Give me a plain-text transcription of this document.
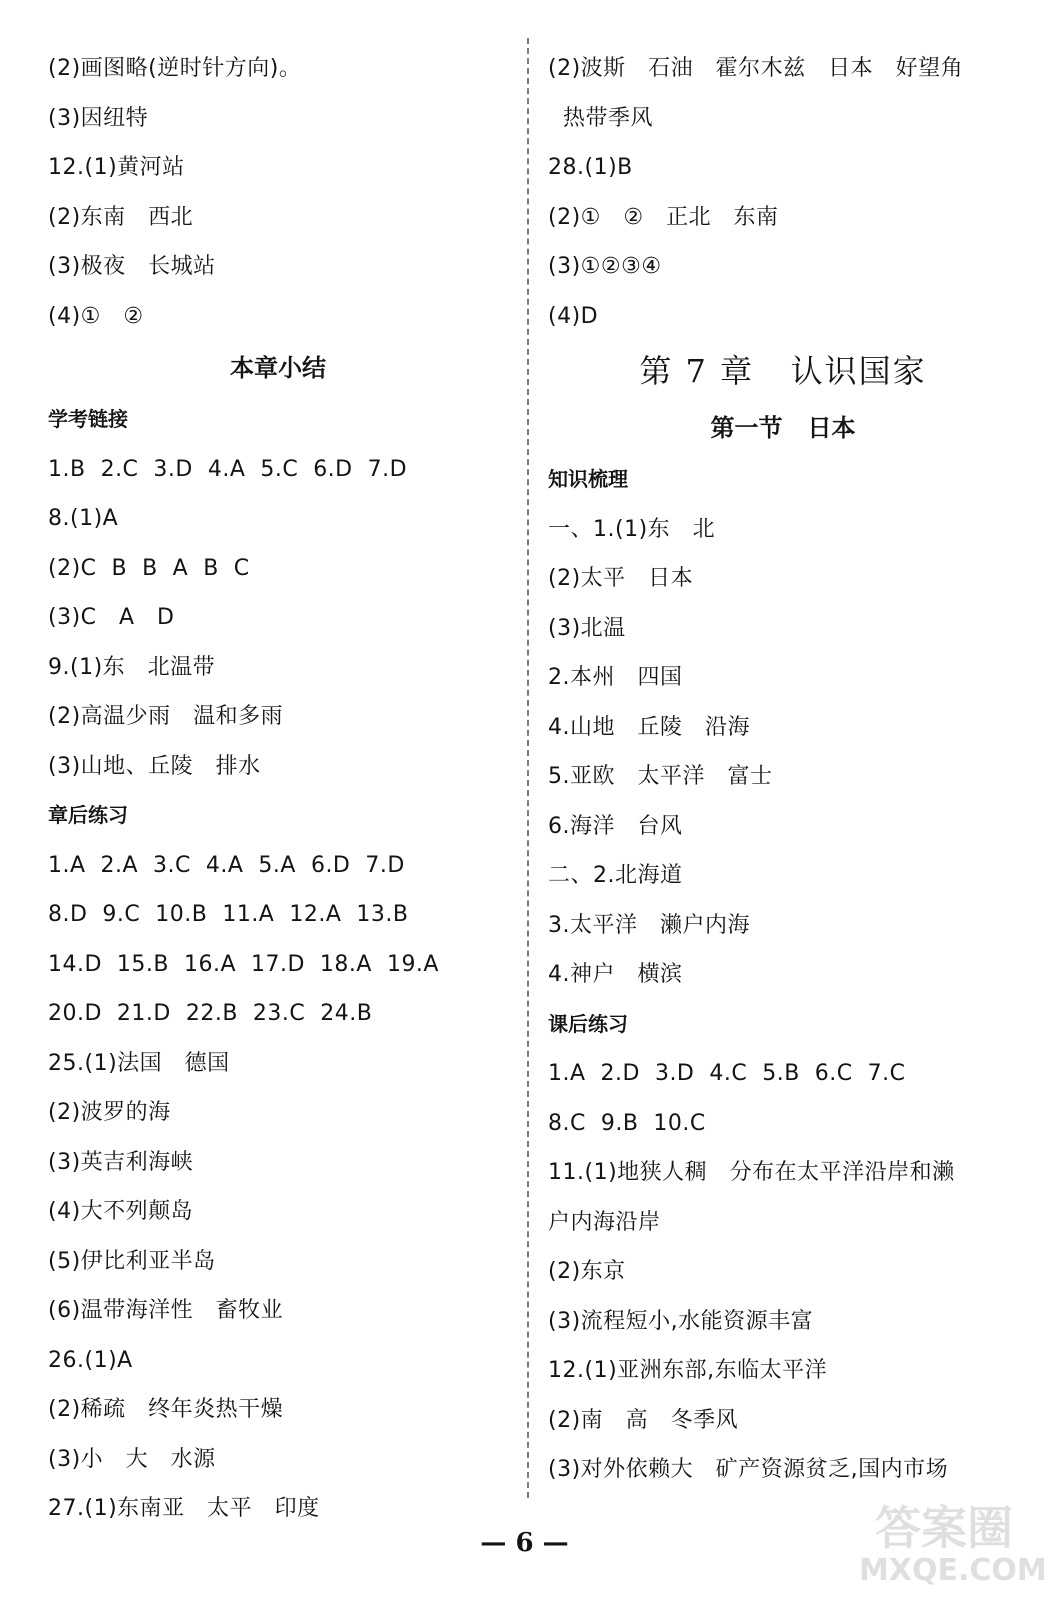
(2)画图略(逆时针方向)。
(3)因纽特
12.(1)黄河站
(2)东南   西北
(3)极夜   长城站
(4)①   ②
本章小结
学考链接
1.B  2.C  3.D  4.A  5.C  6.D  7.D
8.(1)A
(2)C  B  B  A  B  C
(3)C   A   D
9.(1)东   北温带
(2)高温少雨   温和多雨
(3)山地、丘陵   排水
章后练习
1.A  2.A  3.C  4.A  5.A  6.D  7.D
8.D  9.C  10.B  11.A  12.A  13.B
14.D  15.B  16.A  17.D  18.A  19.A
20.D  21.D  22.B  23.C  24.B
25.(1)法国   德国
(2)波罗的海
(3)英吉利海峡
(4)大不列颠岛
(5)伊比利亚半岛
(6)温带海洋性   畜牧业
26.(1)A
(2)稀疏   终年炎热干燥
(3)小   大   水源
27.(1)东南亚   太平   印度
(2)波斯   石油   霍尔木兹   日本   好望角
热带季风
28.(1)B
(2)①   ②   正北   东南
(3)①②③④
(4)D
第 7 章   认识国家
第一节   日本
知识梳理
一、1.(1)东   北
(2)太平   日本
(3)北温
2.本州   四国
4.山地   丘陵   沿海
5.亚欧   太平洋   富士
6.海洋   台风
二、2.北海道
3.太平洋   濑户内海
4.神户   横滨
课后练习
1.A  2.D  3.D  4.C  5.B  6.C  7.C
8.C  9.B  10.C
11.(1)地狭人稠   分布在太平洋沿岸和濑
户内海沿岸
(2)东京
(3)流程短小,水能资源丰富
12.(1)亚洲东部,东临太平洋
(2)南   高   冬季风
(3)对外依赖大   矿产资源贫乏,国内市场
— 6 —	答案圈
MXQE.COM
